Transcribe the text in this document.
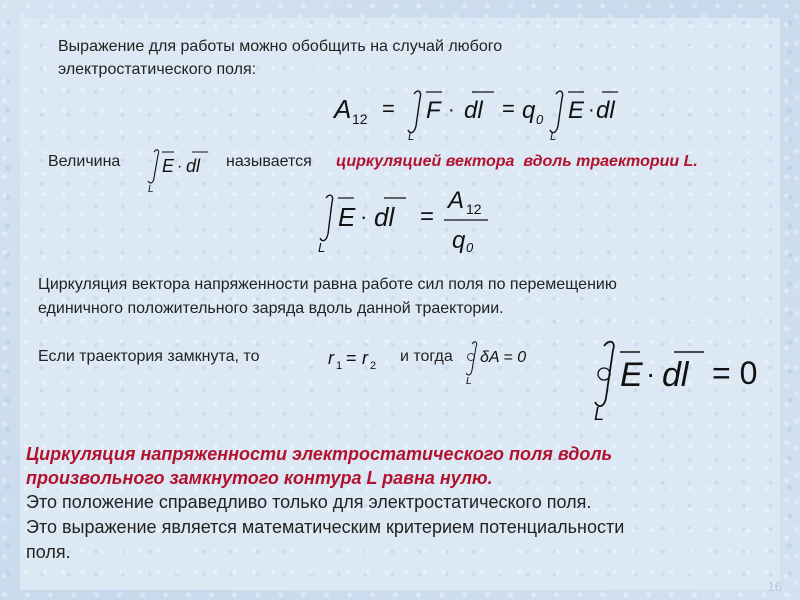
Выражение для работы можно обобщить на случай любого
электростатического поля:
A 12 =
L
F · dl = q 0
L
E · dl
Величина
L
E · dl называется циркуляцией вектора  вдоль траектории L.
L
E · dl =
A 12
q 0
Циркуляция вектора напряженности равна работе сил поля по перемещению
единичного положительного заряда вдоль данной траектории.
Если траектория замкнута, то	r 1 = r 2
и тогда
L
δA = 0
L
E · dl = 0
Циркуляция напряженности электростатического поля вдоль
произвольного замкнутого контура L равна нулю.
Это положение справедливо только для электростатического поля.
Это выражение является математическим критерием потенциальности
поля.
16
